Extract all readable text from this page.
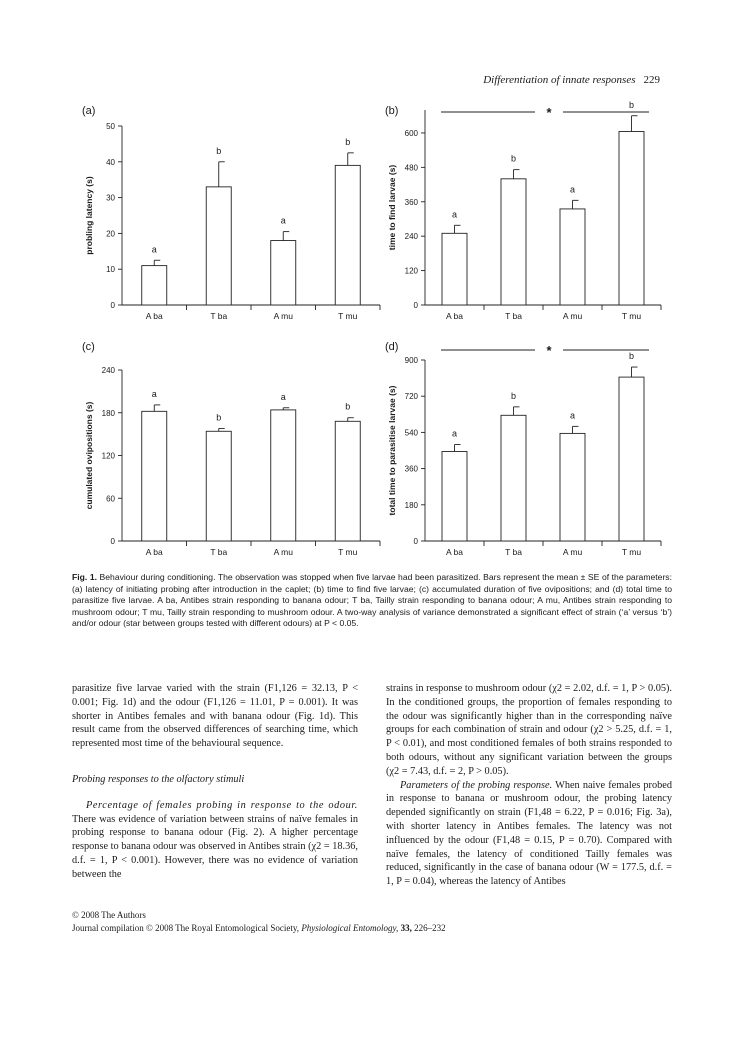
Differentiation of innate responses 229
(a)
0
10
20
30
40
50
probling latency (s)	a
A ba
b
T ba
a
A mu
b
T mu
(b)
0
120
240
360
480
600
time to find larvae (s)	a
A ba
b
T ba
a
A mu
b
T mu
*
(c)
0
60
120
180
240
cumulated ovipositions (s)
a
A ba
b
T ba
a
A mu
b
T mu
(d)
0
180
360
540
720
900
total time to parasitise larvae (s)	a
A ba
b
T ba
a
A mu
b
T mu
*
Fig. 1. Behaviour during conditioning. The observation was stopped when five larvae had been parasitized. Bars represent the mean ± SE of the parameters: (a) latency of initiating probing after introduction in the caplet; (b) time to find five larvae; (c) accumulated duration of five ovipositions; and (d) total time to parasitize five larvae. A ba, Antibes strain responding to banana odour; T ba, Tailly strain responding to banana odour; A mu, Antibes strain responding to mushroom odour; T mu, Tailly strain responding to mushroom odour. A two-way analysis of variance demonstrated a significant effect of strain (‘a’ versus ‘b’) and/or odour (star between groups tested with different odours) at P < 0.05.

parasitize five larvae varied with the strain (F1,126 = 32.13, P < 0.001; Fig. 1d) and the odour (F1,126 = 11.01, P = 0.001). It was shorter in Antibes females and with banana odour (Fig. 1d). This result came from the observed differences of searching time, which represented most time of the behavioural sequence.

Probing responses to the olfactory stimuli

Percentage of females probing in response to the odour. There was evidence of variation between strains of naïve females in probing response to banana odour (Fig. 2). A higher percentage response to banana odour was observed in Antibes strain (χ2 = 18.36, d.f. = 1, P < 0.001). However, there was no evidence of variation between the

strains in response to mushroom odour (χ2 = 2.02, d.f. = 1, P > 0.05). In the conditioned groups, the proportion of females responding to the odour was significantly higher than in the corresponding naïve groups for each combination of strain and odour (χ2 > 5.25, d.f. = 1, P < 0.01), and most conditioned females of both strains responded to both odours, without any significant variation between the groups (χ2 = 7.43, d.f. = 2, P > 0.05).

Parameters of the probing response. When naive females probed in response to banana or mushroom odour, the probing latency depended significantly on strain (F1,48 = 6.22, P = 0.016; Fig. 3a), with shorter latency in Antibes females. The latency was not influenced by the odour (F1,48 = 0.15, P = 0.70). Compared with naïve females, the latency of conditioned Tailly females was reduced, significantly in the case of banana odour (W = 177.5, d.f. = 1, P = 0.04), whereas the latency of Antibes

© 2008 The Authors
Journal compilation © 2008 The Royal Entomological Society, Physiological Entomology, 33, 226–232
